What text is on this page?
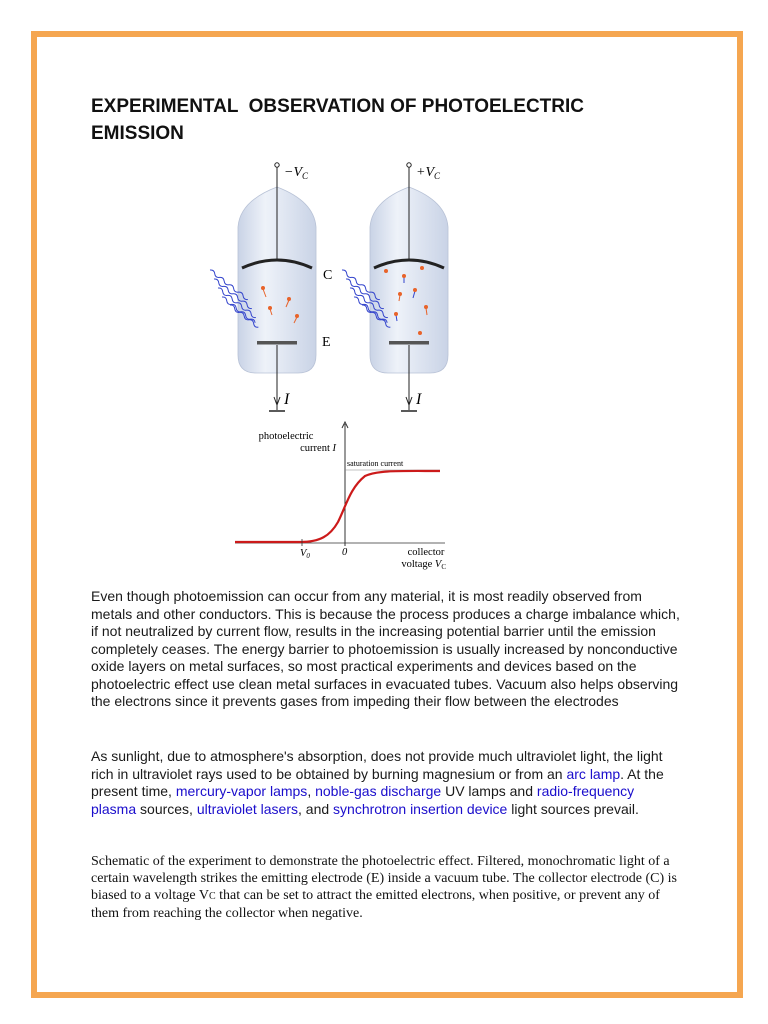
EXPERIMENTAL  OBSERVATION OF PHOTOELECTRIC EMISSION
$-V_C$	$+V_C$
C
E
I	I
photoelectric
current I
saturation current
V0	0	collector
voltage VC

Even though photoemission can occur from any material, it is most readily observed from metals and other conductors. This is because the process produces a charge imbalance which, if not neutralized by current flow, results in the increasing potential barrier until the emission completely ceases. The energy barrier to photoemission is usually increased by nonconductive oxide layers on metal surfaces, so most practical experiments and devices based on the photoelectric effect use clean metal surfaces in evacuated tubes. Vacuum also helps observing the electrons since it prevents gases from impeding their flow between the electrodes

As sunlight, due to atmosphere's absorption, does not provide much ultraviolet light, the light rich in ultraviolet rays used to be obtained by burning magnesium or from an arc lamp. At the present time, mercury-vapor lamps, noble-gas discharge UV lamps and radio-frequency plasma sources, ultraviolet lasers, and synchrotron insertion device light sources prevail.

Schematic of the experiment to demonstrate the photoelectric effect. Filtered, monochromatic light of a certain wavelength strikes the emitting electrode (E) inside a vacuum tube. The collector electrode (C) is biased to a voltage VC that can be set to attract the emitted electrons, when positive, or prevent any of them from reaching the collector when negative.
